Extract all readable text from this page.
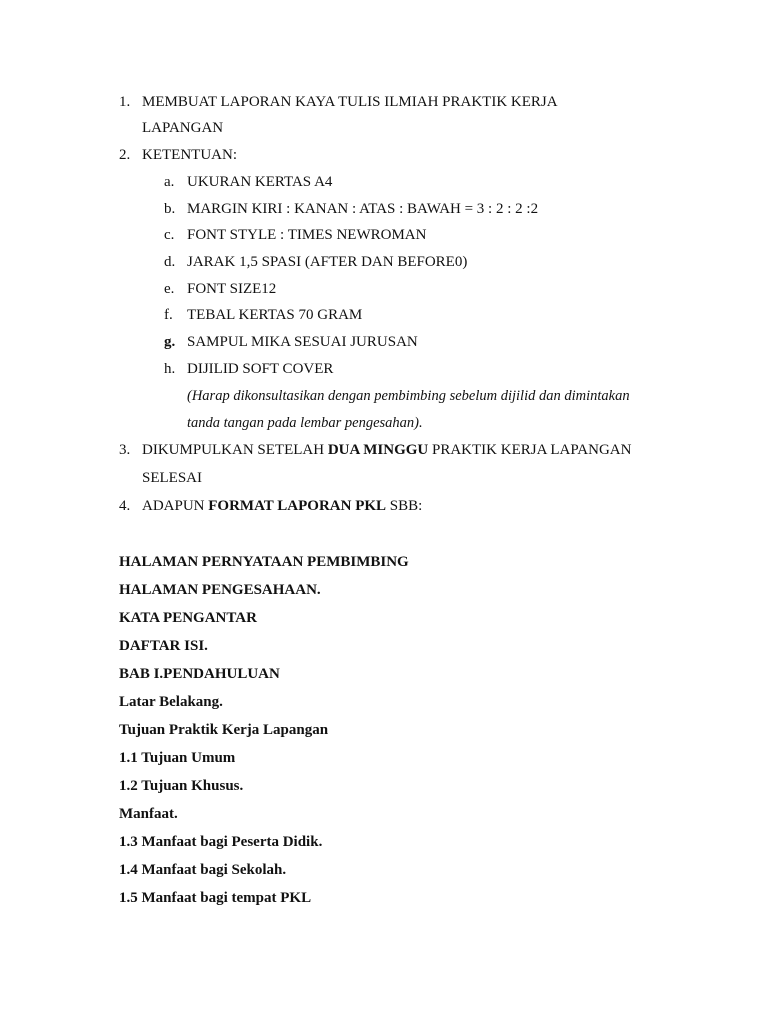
1. MEMBUAT LAPORAN KAYA TULIS ILMIAH PRAKTIK KERJA
LAPANGAN
2. KETENTUAN:
a. UKURAN KERTAS A4
b. MARGIN KIRI : KANAN : ATAS : BAWAH = 3 : 2 : 2 :2
c. FONT STYLE : TIMES NEWROMAN
d. JARAK 1,5 SPASI (AFTER DAN BEFORE0)
e. FONT SIZE12
f. TEBAL KERTAS 70 GRAM
g. SAMPUL MIKA SESUAI JURUSAN
h. DIJILID SOFT COVER
(Harap dikonsultasikan dengan pembimbing sebelum dijilid dan dimintakan
tanda tangan pada lembar pengesahan).
3. DIKUMPULKAN SETELAH DUA MINGGU PRAKTIK KERJA LAPANGAN
SELESAI
4. ADAPUN FORMAT LAPORAN PKL SBB:
HALAMAN PERNYATAAN PEMBIMBING
HALAMAN PENGESAHAAN.
KATA PENGANTAR
DAFTAR ISI.
BAB I.PENDAHULUAN
Latar Belakang.
Tujuan Praktik Kerja Lapangan
1.1 Tujuan Umum
1.2 Tujuan Khusus.
Manfaat.
1.3 Manfaat bagi Peserta Didik.
1.4 Manfaat bagi Sekolah.
1.5 Manfaat bagi tempat PKL
